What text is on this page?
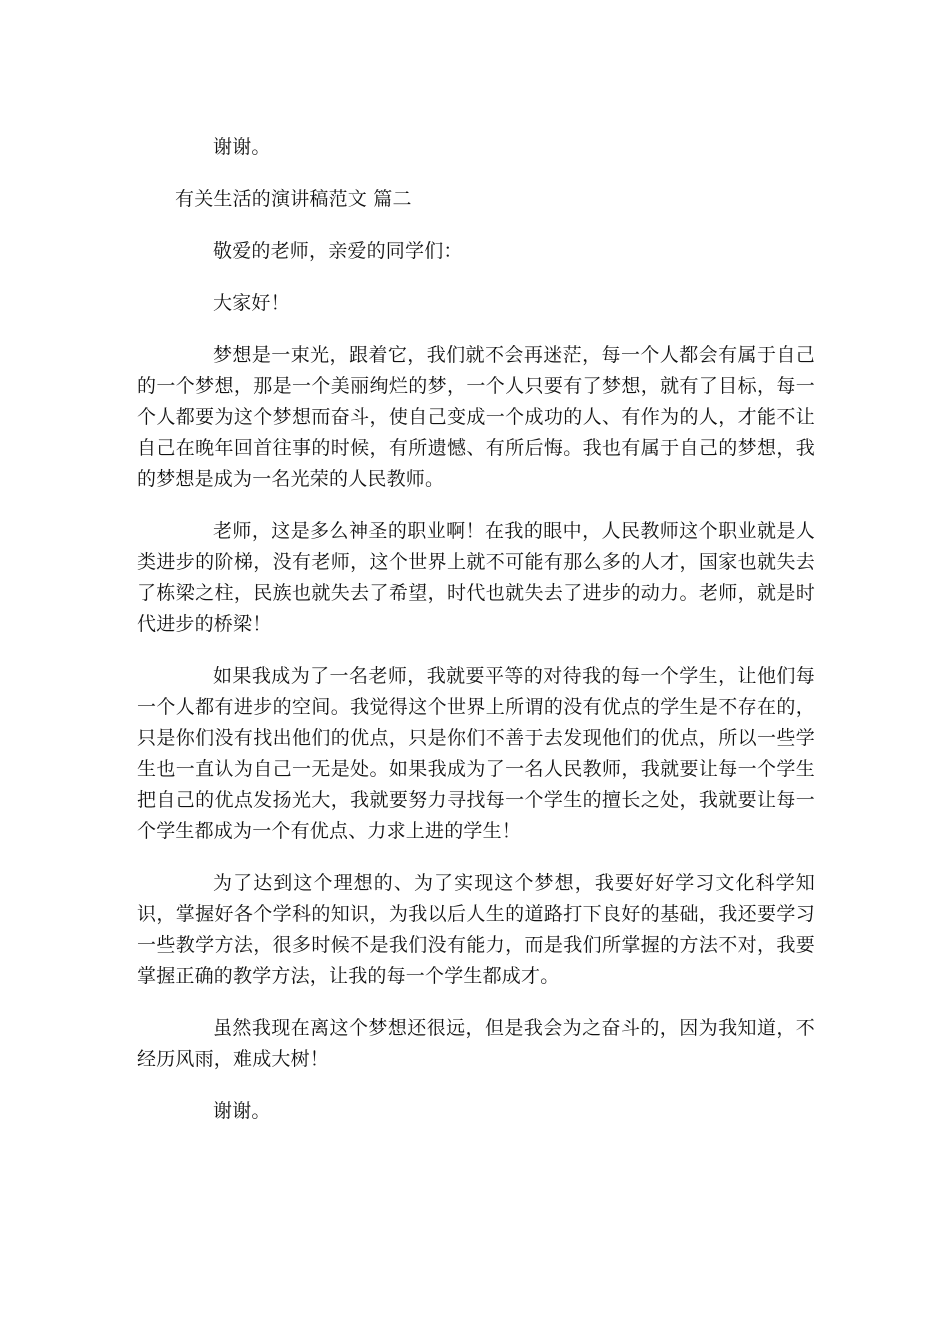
谢谢。

有关生活的演讲稿范文 篇二

敬爱的老师，亲爱的同学们：

大家好！

梦想是一束光，跟着它，我们就不会再迷茫，每一个人都会有属于自己的一个梦想，那是一个美丽绚烂的梦，一个人只要有了梦想，就有了目标，每一个人都要为这个梦想而奋斗，使自己变成一个成功的人、有作为的人，才能不让自己在晚年回首往事的时候，有所遗憾、有所后悔。我也有属于自己的梦想，我的梦想是成为一名光荣的人民教师。

老师，这是多么神圣的职业啊！在我的眼中，人民教师这个职业就是人类进步的阶梯，没有老师，这个世界上就不可能有那么多的人才，国家也就失去了栋梁之柱，民族也就失去了希望，时代也就失去了进步的动力。老师，就是时代进步的桥梁！

如果我成为了一名老师，我就要平等的对待我的每一个学生，让他们每一个人都有进步的空间。我觉得这个世界上所谓的没有优点的学生是不存在的，只是你们没有找出他们的优点，只是你们不善于去发现他们的优点，所以一些学生也一直认为自己一无是处。如果我成为了一名人民教师，我就要让每一个学生把自己的优点发扬光大，我就要努力寻找每一个学生的擅长之处，我就要让每一个学生都成为一个有优点、力求上进的学生！

为了达到这个理想的、为了实现这个梦想，我要好好学习文化科学知识，掌握好各个学科的知识，为我以后人生的道路打下良好的基础，我还要学习一些教学方法，很多时候不是我们没有能力，而是我们所掌握的方法不对，我要掌握正确的教学方法，让我的每一个学生都成才。

虽然我现在离这个梦想还很远，但是我会为之奋斗的，因为我知道，不经历风雨，难成大树！

谢谢。
